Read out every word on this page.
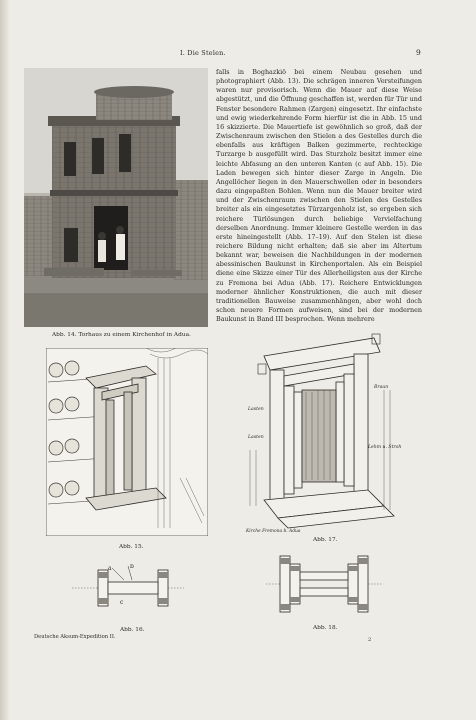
I. Die Stelen.	9
Abb. 14. Torhaus zu einem Kirchenhof in Adua.

falls in Boghazkiö bei einem Neubau gesehen und photographiert (Abb. 13). Die schrägen inneren Versteifungen waren nur provisorisch. Wenn die Mauer auf diese Weise abgestützt, und die Öffnung geschaffen ist, werden für Tür und Fenster besondere Rahmen (Zargen) eingesetzt. Ihr einfachste und ewig wiederkehrende Form hierfür ist die in Abb. 15 und 16 skizzierte. Die Mauertiefe ist gewöhnlich so groß, daß der Zwischenraum zwischen den Stielen a des Gestelles durch die ebenfalls aus kräftigen Balken gezimmerte, rechteckige Turzarge b ausgefüllt wird. Das Sturzholz besitzt immer eine leichte Abfasung an den unteren Kanten (c auf Abb. 15). Die Laden bewegen sich hinter dieser Zarge in Angeln. Die Angellöcher liegen in den Mauerschwellen oder in besonders dazu eingepaßten Bohlen. Wenn nun die Mauer breiter wird und der Zwischenraum zwischen den Stielen des Gestelles breiter als ein eingesetztes Türzargenholz ist, so ergeben sich reichere Türlösungen durch beliebige Vervielfachung derselben Anordnung. Immer kleinere Gestelle werden in das erste hineingestellt (Abb. 17–19). Auf den Stelen ist diese reichere Bildung nicht erhalten; daß sie aber im Altertum bekannt war, beweisen die Nachbildungen in der modernen abessinischen Baukunst in Kirchenportalen. Als ein Beispiel diene eine Skizze einer Tür des Allerheiligsten aus der Kirche zu Fremona bei Adua (Abb. 17). Reichere Entwicklungen moderner ähnlicher Konstruktionen, die auch mit dieser traditionellen Bauweise zusammenhängen, aber wohl doch schon neuere Formen aufweisen, sind bei der modernen Baukunst in Band III besprochen. Wenn mehrere

Abb. 15.
a	b
c
Abb. 16.
Lasten
Lasten
Braun
Lehm u. Stroh
Kirche Fremona b. Adua
Abb. 17.
Abb. 18.
Deutsche Aksum-Expedition II.	2
